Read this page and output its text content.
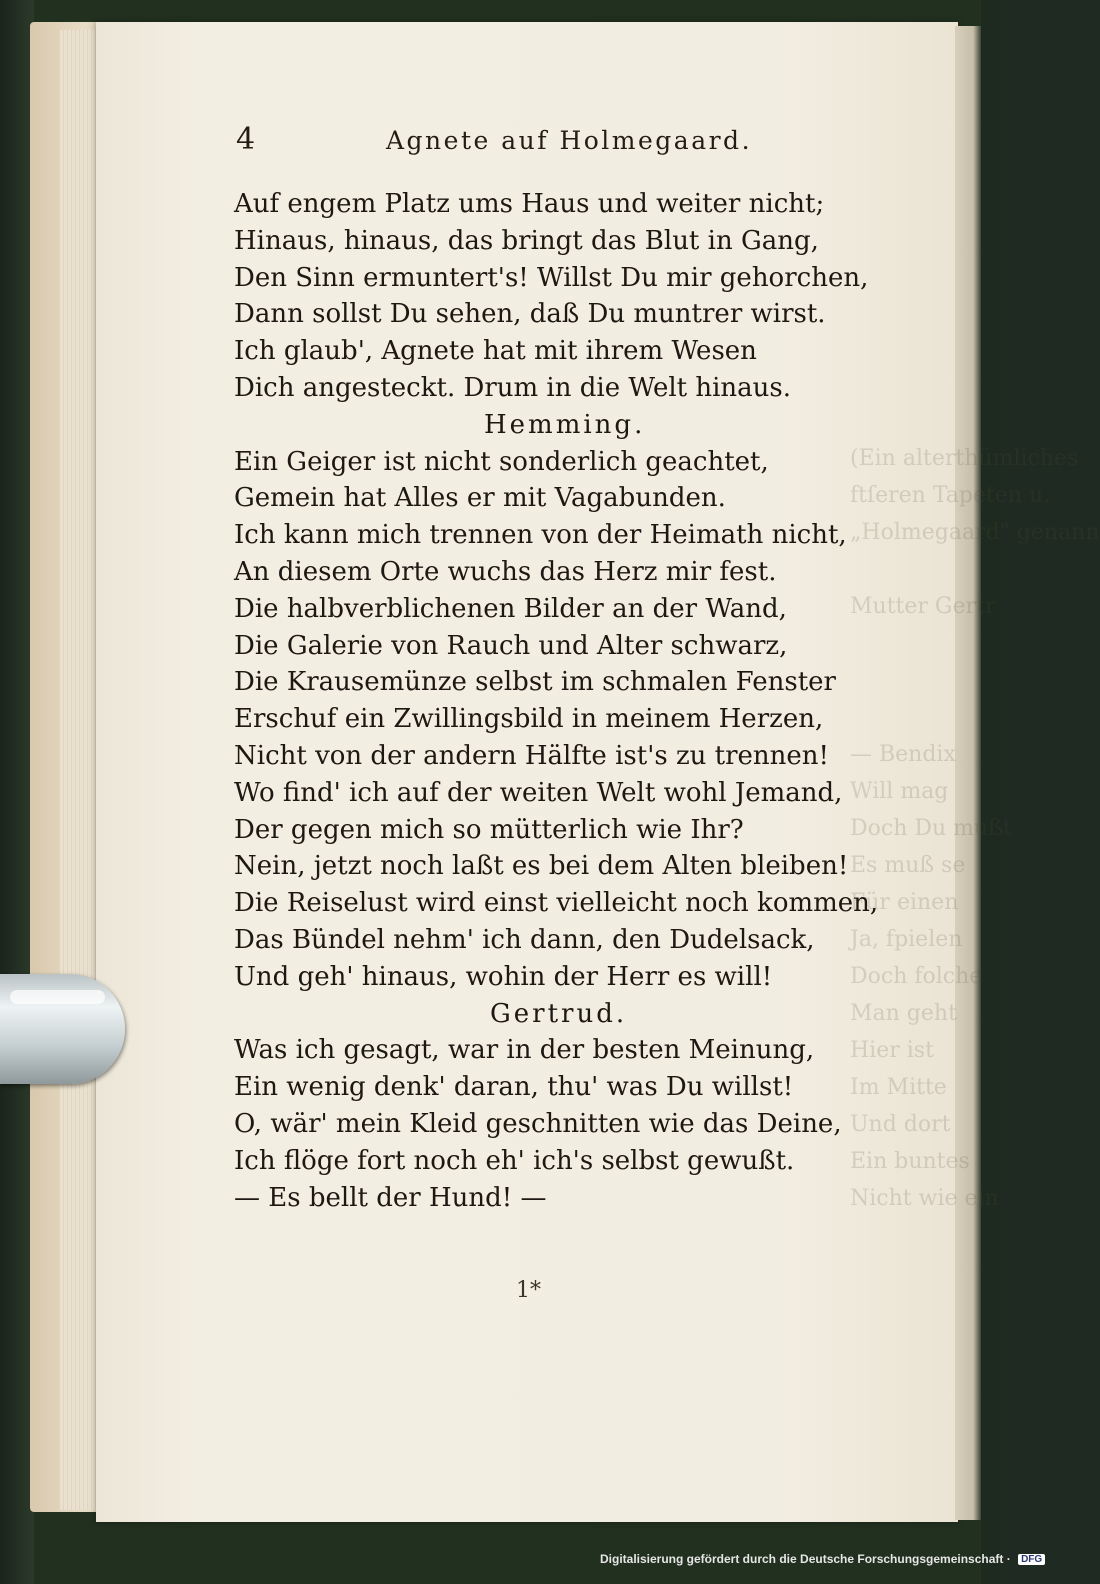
u.
genann

4	Agnete auf Holmegaard.
Auf engem Platz ums Haus und weiter nicht;
Hinaus, hinaus, das bringt das Blut in Gang,
Den Sinn ermuntert's! Willst Du mir gehorchen,
Dann sollst Du sehen, daß Du muntrer wirst.
Ich glaub', Agnete hat mit ihrem Wesen
Dich angesteckt. Drum in die Welt hinaus.
Hemming.
Ein Geiger ist nicht sonderlich geachtet,
Gemein hat Alles er mit Vagabunden.
Ich kann mich trennen von der Heimath nicht,
An diesem Orte wuchs das Herz mir fest.
Die halbverblichenen Bilder an der Wand,
Die Galerie von Rauch und Alter schwarz,
Die Krausemünze selbst im schmalen Fenster
Erschuf ein Zwillingsbild in meinem Herzen,
Nicht von der andern Hälfte ist's zu trennen!
Wo find' ich auf der weiten Welt wohl Jemand,
Der gegen mich so mütterlich wie Ihr?
Nein, jetzt noch laßt es bei dem Alten bleiben!
Die Reiselust wird einst vielleicht noch kommen,
Das Bündel nehm' ich dann, den Dudelsack,
Und geh' hinaus, wohin der Herr es will!
Gertrud.
Was ich gesagt, war in der besten Meinung,
Ein wenig denk' daran, thu' was Du willst!
O, wär' mein Kleid geschnitten wie das Deine,
Ich flöge fort noch eh' ich's selbst gewußt.
— Es bellt der Hund! —
1*
Digitalisierung gefördert durch die Deutsche Forschungsgemeinschaft · DFG
